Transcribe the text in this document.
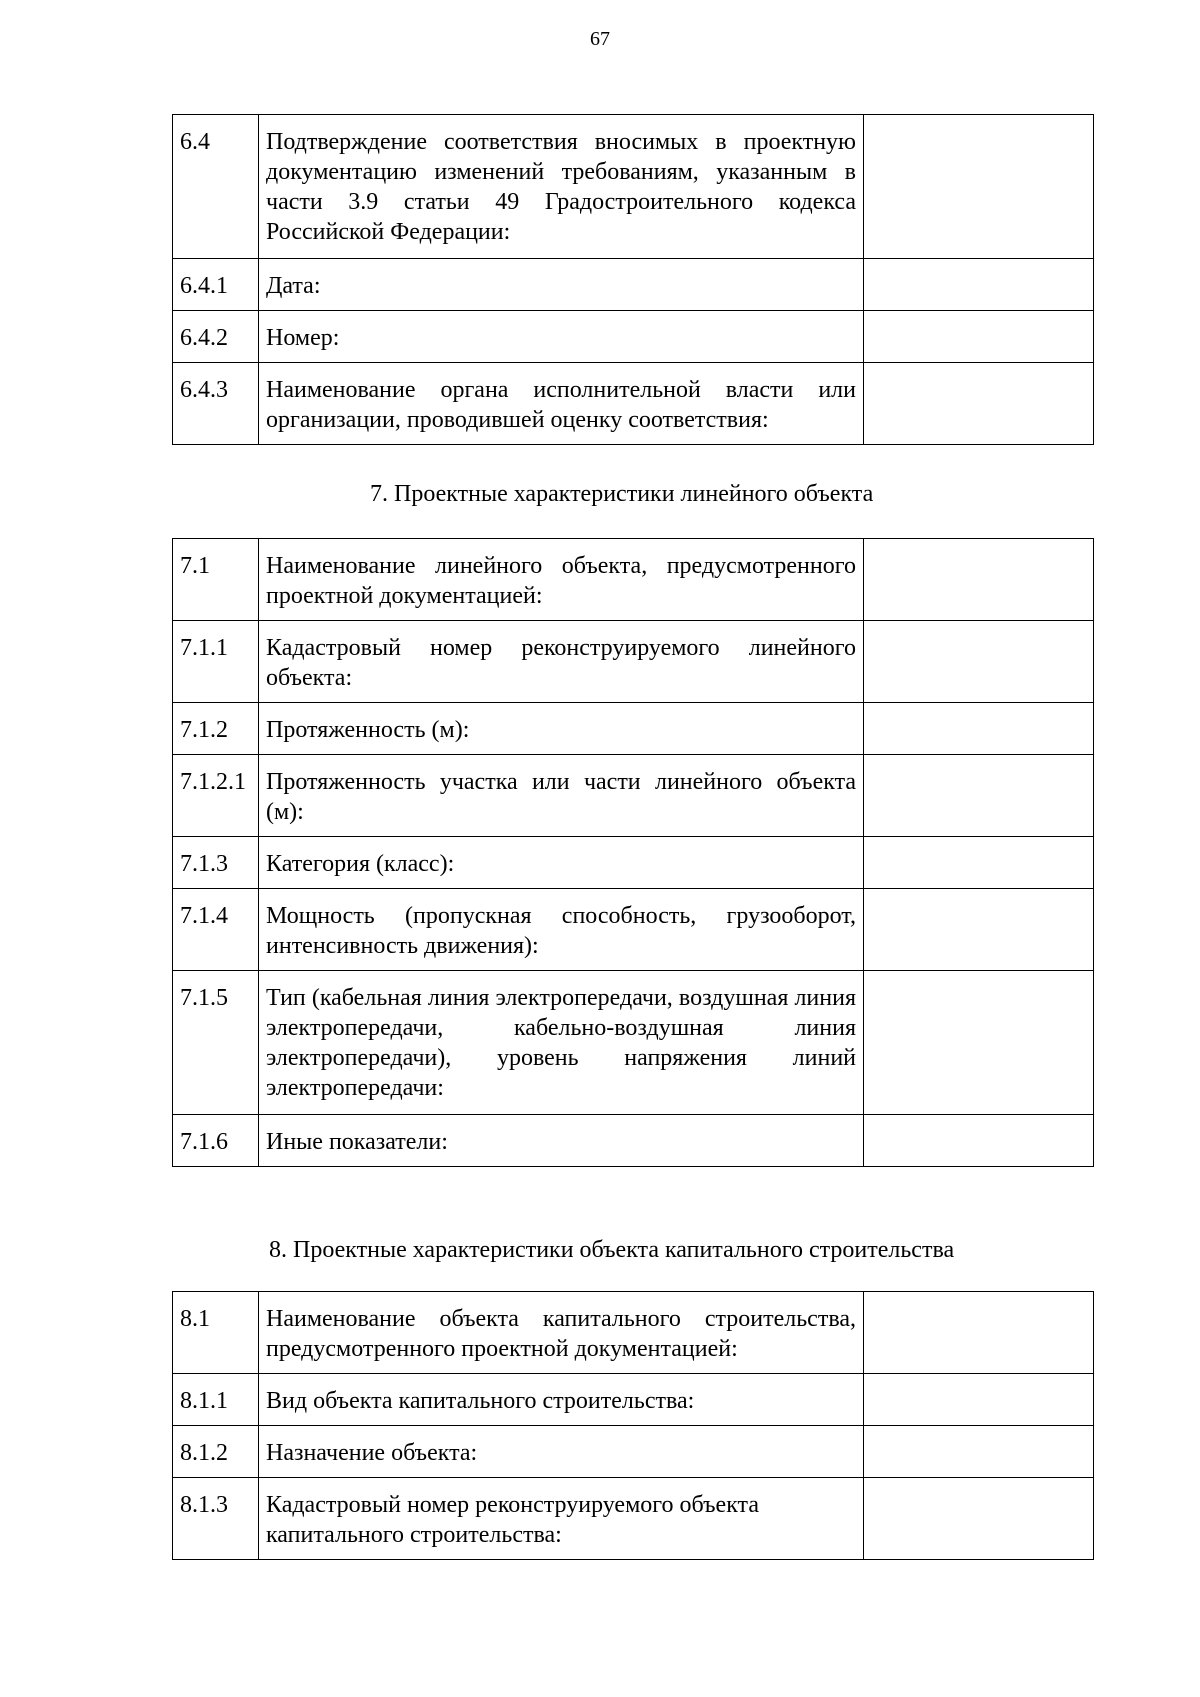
67
6.4	Подтверждение соответствия вносимых в проектную документацию изменений требованиям, указанным в части 3.9 статьи 49 Градостроительного кодекса Российской Федерации:	
6.4.1	Дата:	
6.4.2	Номер:	
6.4.3	Наименование органа исполнительной власти или организации, проводившей оценку соответствия:	
7. Проектные характеристики линейного объекта
7.1	Наименование линейного объекта, предусмотренного проектной документацией:	
7.1.1	Кадастровый номер реконструируемого линейного объекта:	
7.1.2	Протяженность (м):	
7.1.2.1	Протяженность участка или части линейного объекта (м):	
7.1.3	Категория (класс):	
7.1.4	Мощность (пропускная способность, грузооборот, интенсивность движения):	
7.1.5	Тип (кабельная линия электропередачи, воздушная линия электропередачи, кабельно-воздушная линия электропередачи), уровень напряжения линий электропередачи:	
7.1.6	Иные показатели:	
8. Проектные характеристики объекта капитального строительства
8.1	Наименование объекта капитального строительства, предусмотренного проектной документацией:	
8.1.1	Вид объекта капитального строительства:	
8.1.2	Назначение объекта:	
8.1.3	Кадастровый номер реконструируемого объекта капитального строительства:	
